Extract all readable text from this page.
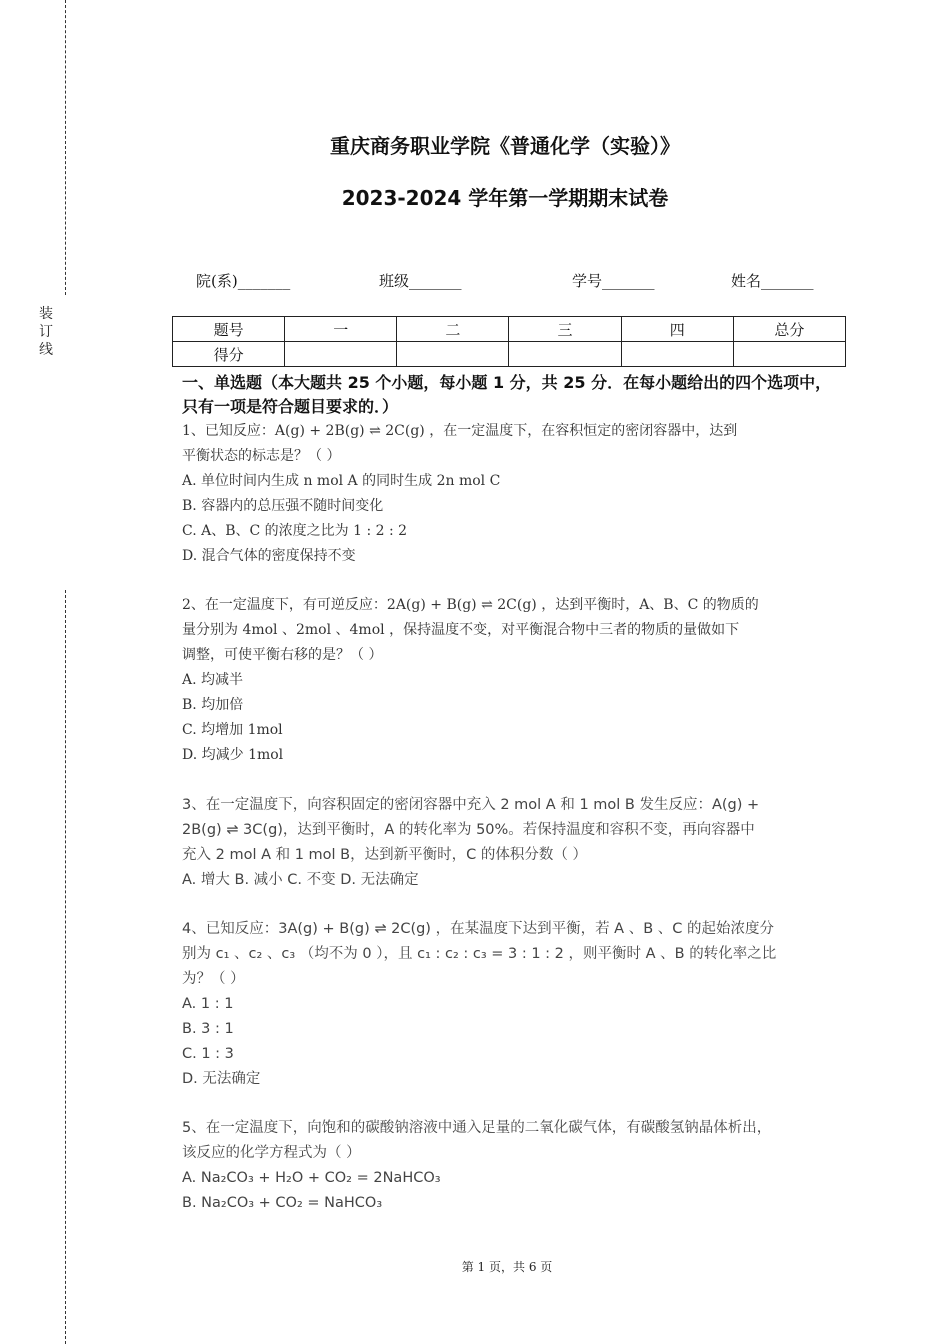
装
订
线
重庆商务职业学院《普通化学（实验）》
2023-2024 学年第一学期期末试卷
院(系)_______	班级_______	学号_______	姓名_______
题号	一	二	三	四	总分
得分					
一、单选题（本大题共 25 个小题，每小题 1 分，共 25 分．在每小题给出的四个选项中，只有一项是符合题目要求的．）
1、已知反应：A(g) + 2B(g) ⇌ 2C(g) ，在一定温度下，在容积恒定的密闭容器中，达到
平衡状态的标志是？（ ）
A. 单位时间内生成 n mol A 的同时生成 2n mol C
B. 容器内的总压强不随时间变化
C. A、B、C 的浓度之比为 1 : 2 : 2
D. 混合气体的密度保持不变
2、在一定温度下，有可逆反应：2A(g) + B(g) ⇌ 2C(g) ，达到平衡时，A、B、C 的物质的
量分别为 4mol 、2mol 、4mol ，保持温度不变，对平衡混合物中三者的物质的量做如下
调整，可使平衡右移的是？（ ）
A. 均减半
B. 均加倍
C. 均增加 1mol
D. 均减少 1mol
3、在一定温度下，向容积固定的密闭容器中充入 2 mol A 和 1 mol B 发生反应：A(g) +
2B(g) ⇌ 3C(g)，达到平衡时，A 的转化率为 50%。若保持温度和容积不变，再向容器中
充入 2 mol A 和 1 mol B，达到新平衡时，C 的体积分数（ ）
A. 增大 B. 减小 C. 不变 D. 无法确定
4、已知反应：3A(g) + B(g) ⇌ 2C(g) ，在某温度下达到平衡，若 A 、B 、C 的起始浓度分
别为 c₁ 、c₂ 、c₃ （均不为 0 ），且 c₁ : c₂ : c₃ = 3 : 1 : 2 ，则平衡时 A 、B 的转化率之比
为？（ ）
A. 1 : 1
B. 3 : 1
C. 1 : 3
D. 无法确定
5、在一定温度下，向饱和的碳酸钠溶液中通入足量的二氧化碳气体，有碳酸氢钠晶体析出，
该反应的化学方程式为（ ）
A. Na₂CO₃ + H₂O + CO₂ = 2NaHCO₃
B. Na₂CO₃ + CO₂ = NaHCO₃
第 1 页，共 6 页
